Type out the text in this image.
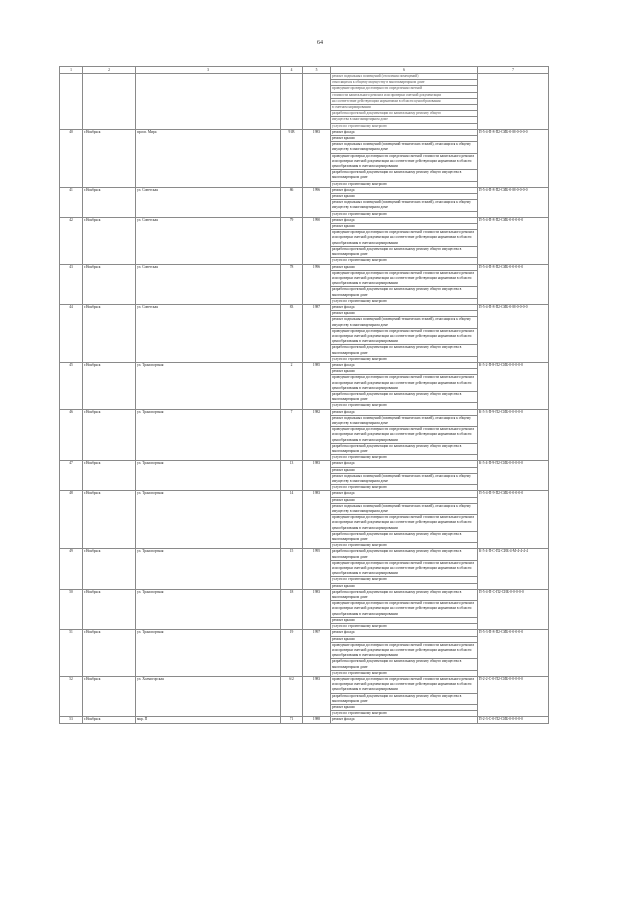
64
1	2	3	4	5	6	7
					ремонт подвальных помещений (отопления помещений)	
					относящихся к общему имуществу в многоквартирном доме	
					проведение проверки достоверности определения сметной	
					стоимости капитального ремонта или проверки сметной документации	
					на соответствие действующим нормативам в области ценообразования	
					в сметном нормировании	
					разработка проектной документации по капитальному ремонту общего	
					имущества в многоквартирном доме	
					услуги по строительному контролю	
40	г.Ноябрьск	просп. Мира	91В	1983	ремонт фасада	П-5-4-П-8-П2-СИБ-0-М-0-0-0-0
					ремонт крыши	
					ремонт подвальных помещений (помещений технических этажей), относящихся к общему имуществу в многоквартирном доме	
					проведение проверки достоверности определения сметной стоимости капитального ремонта или проверки сметной документации на соответствие действующим нормативам в области ценообразования в сметном нормировании	
					разработка проектной документации по капитальному ремонту общего имущества в многоквартирном доме	
					услуги по строительному контролю	
41	г.Ноябрьск	ул. Советская	86	1996	ремонт фасада	П-5-4-П-8-П2-СИБ-0-М-0-0-0-0
					ремонт крыши	
					ремонт подвальных помещений (помещений технических этажей), относящихся к общему имуществу в многоквартирном доме	
					услуги по строительному контролю	
42	г.Ноябрьск	ул. Советская	79	1990	ремонт фасада	П-5-4-П-8-П2-СИБ-0-0-0-0-0
					ремонт крыши	
					проведение проверки достоверности определения сметной стоимости капитального ремонта или проверки сметной документации на соответствие действующим нормативам в области ценообразования в сметном нормировании	
					разработка проектной документации по капитальному ремонту общего имущества в многоквартирном доме	
					услуги по строительному контролю	
43	г.Ноябрьск	ул. Советская	78	1996	ремонт крыши	П-5-4-П-8-П2-СИБ-0-0-0-0-0
					проведение проверки достоверности определения сметной стоимости капитального ремонта или проверки сметной документации на соответствие действующим нормативам в области ценообразования в сметном нормировании	
					разработка проектной документации по капитальному ремонту общего имущества в многоквартирном доме	
					услуги по строительному контролю	
44	г.Ноябрьск	ул. Советская	83	1987	ремонт фасада	П-5-4-П-8-П2-СИБ-0-М-0-0-0-0
					ремонт крыши	
					ремонт подвальных помещений (помещений технических этажей), относящихся к общему имуществу в многоквартирном доме	
					проведение проверки достоверности определения сметной стоимости капитального ремонта или проверки сметной документации на соответствие действующим нормативам в области ценообразования в сметном нормировании	
					разработка проектной документации по капитальному ремонту общего имущества в многоквартирном доме	
					услуги по строительному контролю	
45	г.Ноябрьск	ул. Транспортная	2	1985	ремонт фасада	К-5-2-П-8-П2-СИБ-0-0-0-0-0
					ремонт крыши	
					проведение проверки достоверности определения сметной стоимости капитального ремонта или проверки сметной документации на соответствие действующим нормативам в области ценообразования в сметном нормировании	
					разработка проектной документации по капитальному ремонту общего имущества в многоквартирном доме	
					услуги по строительному контролю	
46	г.Ноябрьск	ул. Транспортная	7	1982	ремонт фасада	К-5-3-П-9-П2-СИБ-0-0-0-0-0
					ремонт подвальных помещений (помещений технических этажей), относящихся к общему имуществу в многоквартирном доме	
					проведение проверки достоверности определения сметной стоимости капитального ремонта или проверки сметной документации на соответствие действующим нормативам в области ценообразования в сметном нормировании	
					разработка проектной документации по капитальному ремонту общего имущества в многоквартирном доме	
					услуги по строительному контролю	
47	г.Ноябрьск	ул. Транспортная	13	1983	ремонт фасада	К-5-4-П-9-П2-СИБ-0-0-0-0-0
					ремонт крыши	
					ремонт подвальных помещений (помещений технических этажей), относящихся к общему имуществу в многоквартирном доме	
					услуги по строительному контролю	
48	г.Ноябрьск	ул. Транспортная	14	1983	ремонт фасада	П-5-4-П-9-П2-СИБ-0-0-0-0-0
					ремонт крыши	
					ремонт подвальных помещений (помещений технических этажей), относящихся к общему имуществу в многоквартирном доме	
					проведение проверки достоверности определения сметной стоимости капитального ремонта или проверки сметной документации на соответствие действующим нормативам в области ценообразования в сметном нормировании	
					разработка проектной документации по капитальному ремонту общего имущества в многоквартирном доме	
					услуги по строительному контролю	
49	г.Ноябрьск	ул. Транспортная	15	1995	разработка проектной документации по капитальному ремонту общего имущества в многоквартирном доме	К-5-4-П-С-П2-СИБ-4-М-4-4-4-4
					проведение проверки достоверности определения сметной стоимости капитального ремонта или проверки сметной документации на соответствие действующим нормативам в области ценообразования в сметном нормировании	
					услуги по строительному контролю	
					ремонт крыши	
50	г.Ноябрьск	ул. Транспортная	18	1983	разработка проектной документации по капитальному ремонту общего имущества в многоквартирном доме	П-5-4-П-С-П2-СИБ-0-0-0-0-0
					проведение проверки достоверности определения сметной стоимости капитального ремонта или проверки сметной документации на соответствие действующим нормативам в области ценообразования в сметном нормировании	
					ремонт крыши	
					услуги по строительному контролю	
51	г.Ноябрьск	ул. Транспортная	19	1997	ремонт фасада	П-5-3-П-8-П2-СИБ-0-0-0-0-0
					ремонт крыши	
					проведение проверки достоверности определения сметной стоимости капитального ремонта или проверки сметной документации на соответствие действующим нормативам в области ценообразования в сметном нормировании	
					разработка проектной документации по капитальному ремонту общего имущества в многоквартирном доме	
					услуги по строительному контролю	
52	г.Ноябрьск	ул. Холмогорская	6/2	1983	проведение проверки достоверности определения сметной стоимости капитального ремонта или проверки сметной документации на соответствие действующим нормативам в области ценообразования в сметном нормировании	П-2-2-С-0-П2-СИБ-0-0-0-0-0
					разработка проектной документации по капитальному ремонту общего имущества в многоквартирном доме	
					ремонт крыши	
					услуги по строительному контролю	
53	г.Ноябрьск	мкр. П	71	1988	ремонт фасада	П-2-3-С-0-П2-СИБ-0-0-0-0-0
